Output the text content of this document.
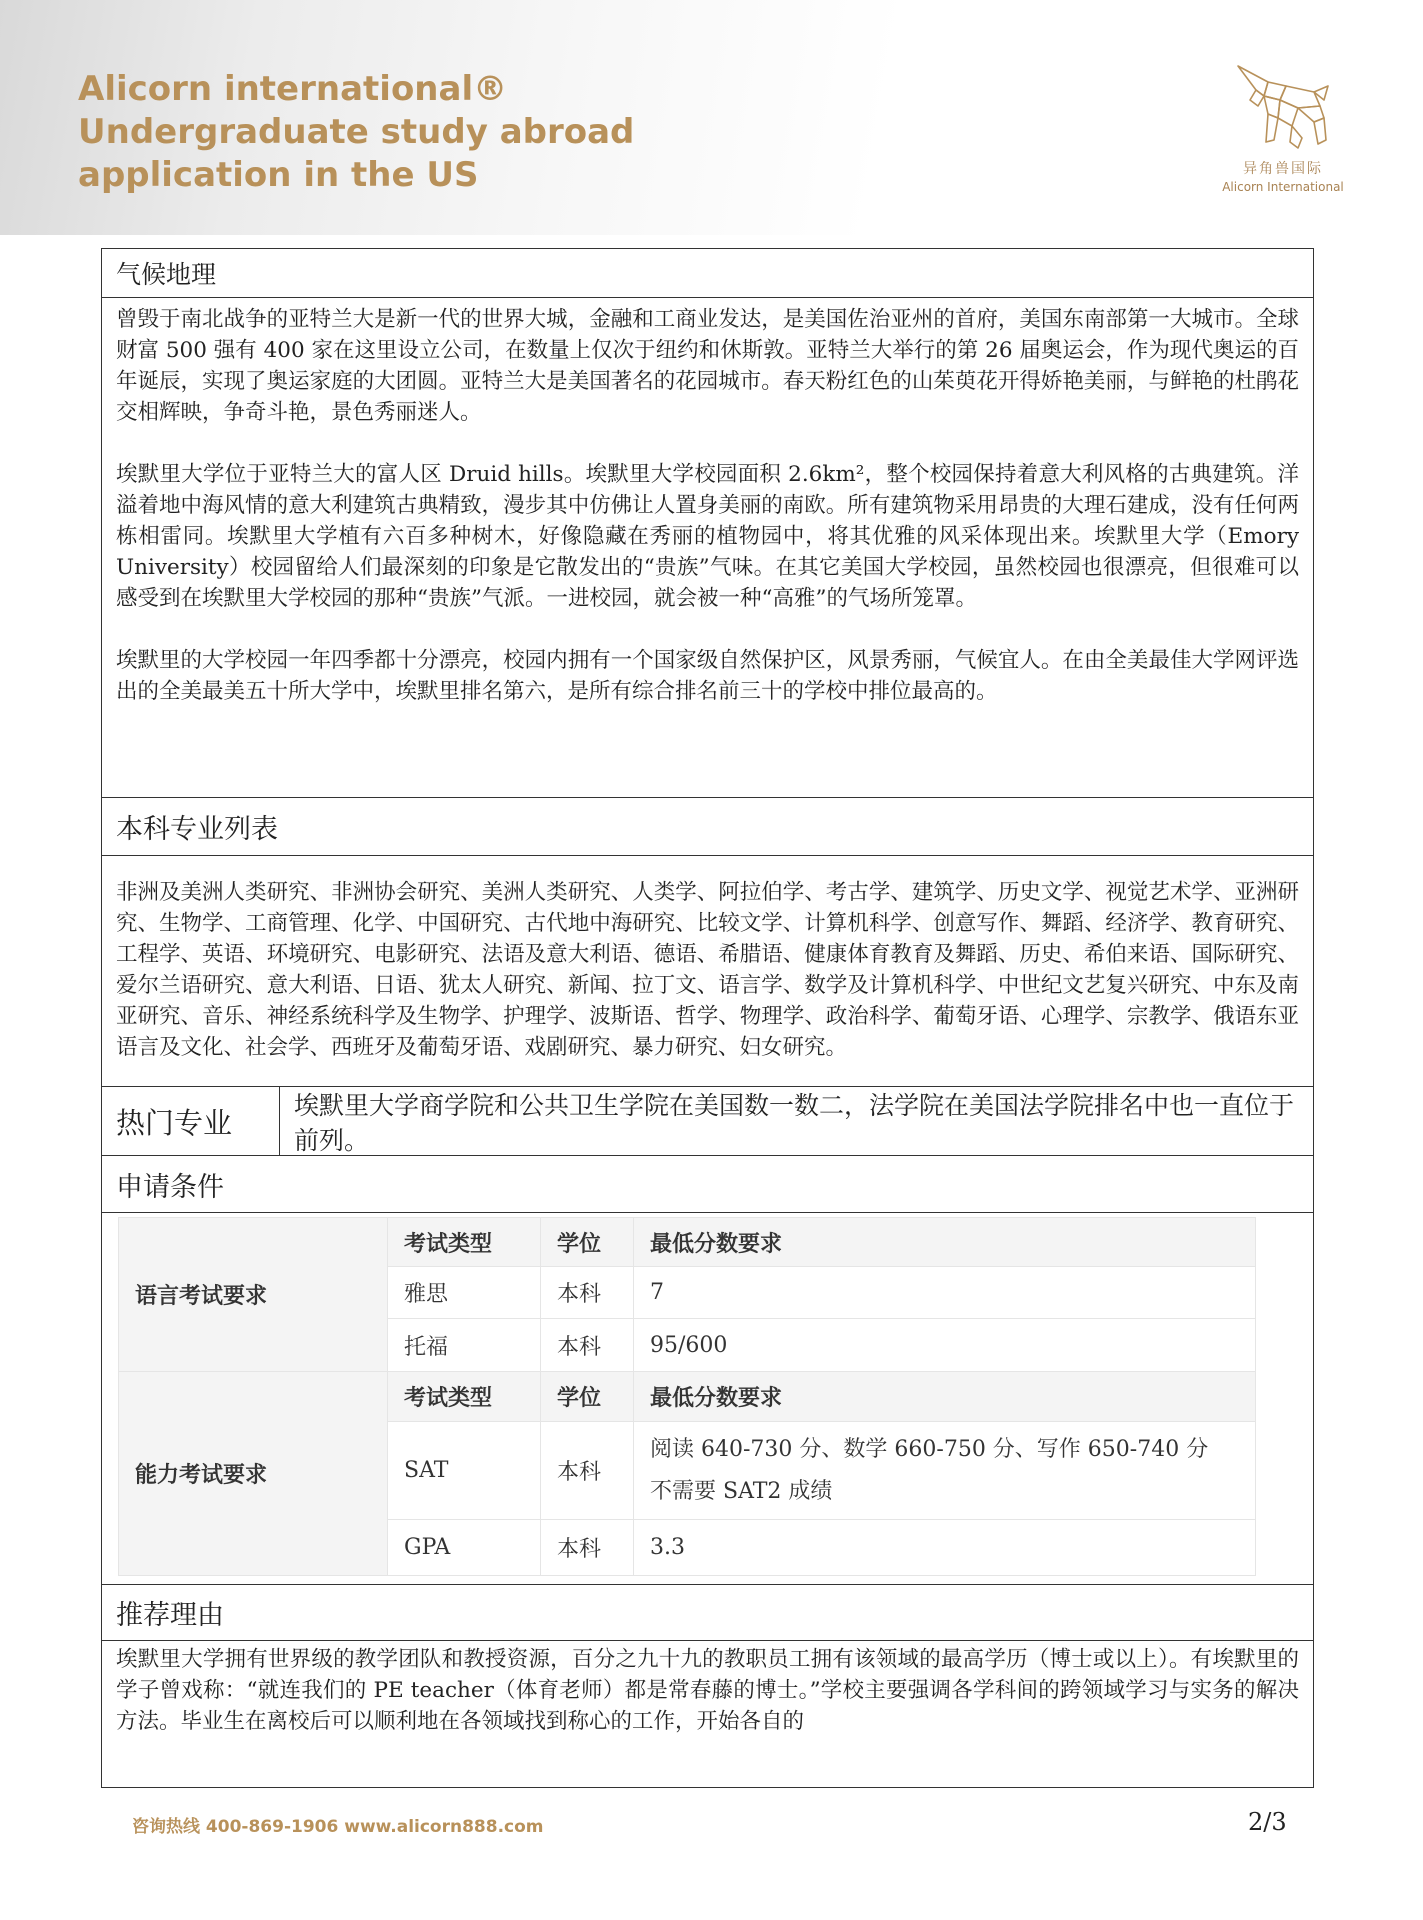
Alicorn international®
Undergraduate study abroad
application in the US	异角兽国际
Alicorn International
气候地理

曾毁于南北战争的亚特兰大是新一代的世界大城，金融和工商业发达，是美国佐治亚州的首府，美国东南部第一大城市。全球财富 500 强有 400 家在这里设立公司，在数量上仅次于纽约和休斯敦。亚特兰大举行的第 26 届奥运会，作为现代奥运的百年诞辰，实现了奥运家庭的大团圆。亚特兰大是美国著名的花园城市。春天粉红色的山茱萸花开得娇艳美丽，与鲜艳的杜鹃花交相辉映，争奇斗艳，景色秀丽迷人。

埃默里大学位于亚特兰大的富人区 Druid hills。埃默里大学校园面积 2.6km²，整个校园保持着意大利风格的古典建筑。洋溢着地中海风情的意大利建筑古典精致，漫步其中仿佛让人置身美丽的南欧。所有建筑物采用昂贵的大理石建成，没有任何两栋相雷同。埃默里大学植有六百多种树木，好像隐藏在秀丽的植物园中，将其优雅的风采体现出来。埃默里大学（Emory University）校园留给人们最深刻的印象是它散发出的“贵族”气味。在其它美国大学校园，虽然校园也很漂亮，但很难可以感受到在埃默里大学校园的那种“贵族”气派。一进校园，就会被一种“高雅”的气场所笼罩。

埃默里的大学校园一年四季都十分漂亮，校园内拥有一个国家级自然保护区，风景秀丽，气候宜人。在由全美最佳大学网评选出的全美最美五十所大学中，埃默里排名第六，是所有综合排名前三十的学校中排位最高的。

本科专业列表

非洲及美洲人类研究、非洲协会研究、美洲人类研究、人类学、阿拉伯学、考古学、建筑学、历史文学、视觉艺术学、亚洲研究、生物学、工商管理、化学、中国研究、古代地中海研究、比较文学、计算机科学、创意写作、舞蹈、经济学、教育研究、工程学、英语、环境研究、电影研究、法语及意大利语、德语、希腊语、健康体育教育及舞蹈、历史、希伯来语、国际研究、爱尔兰语研究、意大利语、日语、犹太人研究、新闻、拉丁文、语言学、数学及计算机科学、中世纪文艺复兴研究、中东及南亚研究、音乐、神经系统科学及生物学、护理学、波斯语、哲学、物理学、政治科学、葡萄牙语、心理学、宗教学、俄语东亚语言及文化、社会学、西班牙及葡萄牙语、戏剧研究、暴力研究、妇女研究。

热门专业	埃默里大学商学院和公共卫生学院在美国数一数二，法学院在美国法学院排名中也一直位于前列。
申请条件
语言考试要求	考试类型	学位	最低分数要求
	雅思	本科	7
	托福	本科	95/600
能力考试要求	考试类型	学位	最低分数要求
	SAT	本科	阅读 640-730 分、数学 660-750 分、写作 650-740 分
不需要 SAT2 成绩

	GPA	本科	3.3
推荐理由

埃默里大学拥有世界级的教学团队和教授资源，百分之九十九的教职员工拥有该领域的最高学历（博士或以上）。有埃默里的学子曾戏称：“就连我们的 PE teacher（体育老师）都是常春藤的博士。”学校主要强调各学科间的跨领域学习与实务的解决方法。毕业生在离校后可以顺利地在各领域找到称心的工作，开始各自的

咨询热线 400-869-1906 www.alicorn888.com	2/3
